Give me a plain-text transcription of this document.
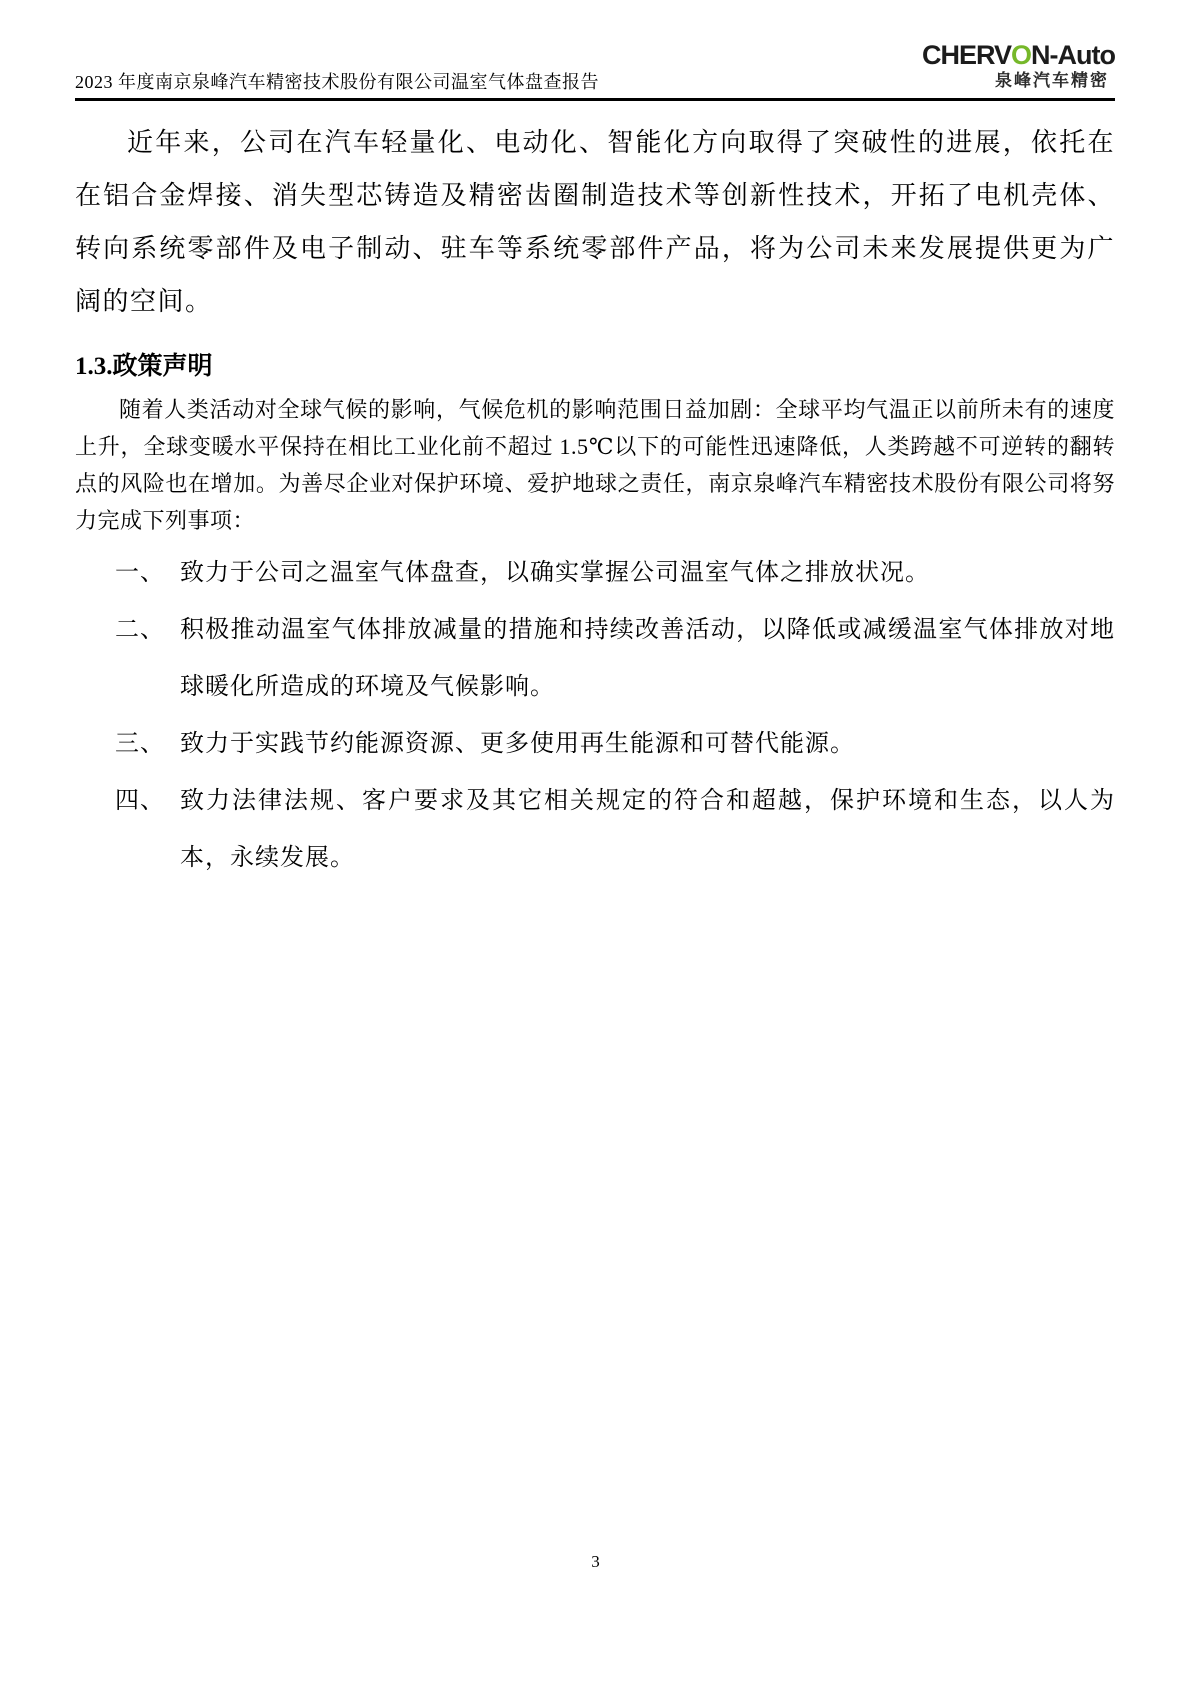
2023 年度南京泉峰汽车精密技术股份有限公司温室气体盘查报告
CHERVON-Auto
泉峰汽车精密

近年来，公司在汽车轻量化、电动化、智能化方向取得了突破性的进展，依托在在铝合金焊接、消失型芯铸造及精密齿圈制造技术等创新性技术，开拓了电机壳体、转向系统零部件及电子制动、驻车等系统零部件产品，将为公司未来发展提供更为广阔的空间。

1.3.政策声明

随着人类活动对全球气候的影响，气候危机的影响范围日益加剧：全球平均气温正以前所未有的速度上升，全球变暖水平保持在相比工业化前不超过 1.5℃以下的可能性迅速降低，人类跨越不可逆转的翻转点的风险也在增加。为善尽企业对保护环境、爱护地球之责任，南京泉峰汽车精密技术股份有限公司将努力完成下列事项：

一、 致力于公司之温室气体盘查，以确实掌握公司温室气体之排放状况。
二、 积极推动温室气体排放减量的措施和持续改善活动，以降低或减缓温室气体排放对地球暖化所造成的环境及气候影响。
三、 致力于实践节约能源资源、更多使用再生能源和可替代能源。
四、 致力法律法规、客户要求及其它相关规定的符合和超越，保护环境和生态，以人为本，永续发展。
3
